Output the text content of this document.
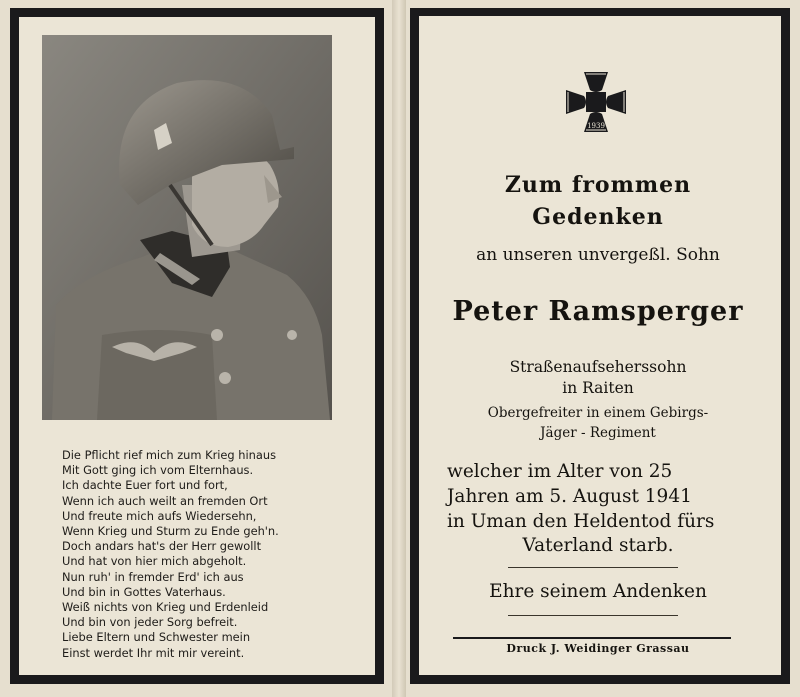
Die Pflicht rief mich zum Krieg hinaus
Mit Gott ging ich vom Elternhaus.
Ich dachte Euer fort und fort,
Wenn ich auch weilt an fremden Ort
Und freute mich aufs Wiedersehn,
Wenn Krieg und Sturm zu Ende geh'n.
Doch andars hat's der Herr gewollt
Und hat von hier mich abgeholt.
Nun ruh' in fremder Erd' ich aus
Und bin in Gottes Vaterhaus.
Weiß nichts von Krieg und Erdenleid
Und bin von jeder Sorg befreit.
Liebe Eltern und Schwester mein
Einst werdet Ihr mit mir vereint.
1939
Zum frommen
Gedenken
an unseren unvergeßl. Sohn
Peter Ramsperger
Straßenaufseherssohn
in Raiten
Obergefreiter in einem Gebirgs-
Jäger - Regiment
welcher im Alter von 25
Jahren am 5. August 1941
in Uman den Heldentod fürs
Vaterland starb.
Ehre seinem Andenken
Druck J. Weidinger Grassau
